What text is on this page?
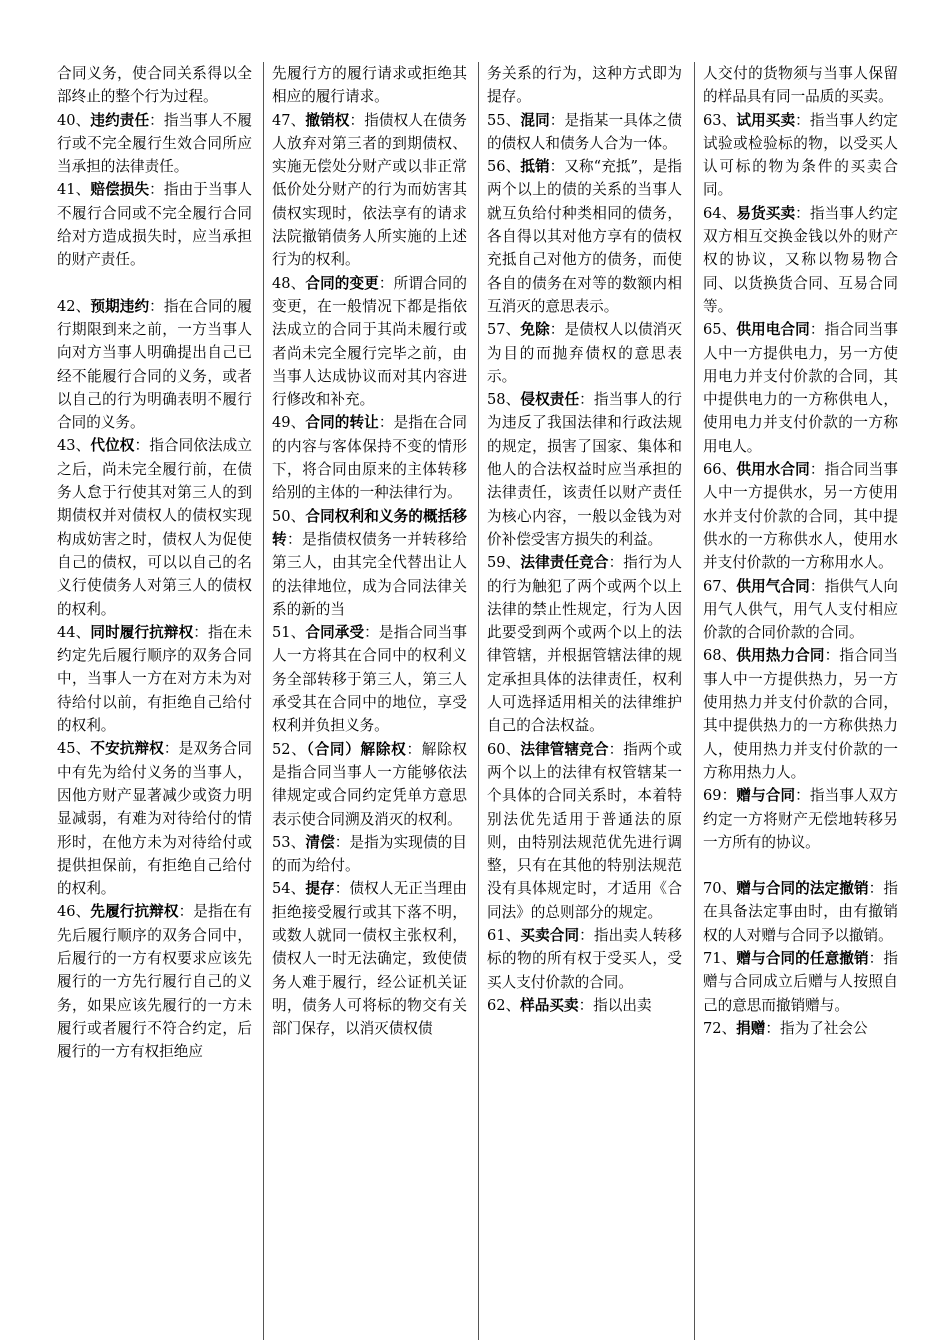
合同义务，使合同关系得以全部终止的整个行为过程。

40、违约责任：指当事人不履行或不完全履行生效合同所应当承担的法律责任。

41、赔偿损失：指由于当事人不履行合同或不完全履行合同给对方造成损失时，应当承担的财产责任。

42、预期违约：指在合同的履行期限到来之前，一方当事人向对方当事人明确提出自己已经不能履行合同的义务，或者以自己的行为明确表明不履行合同的义务。

43、代位权：指合同依法成立之后，尚未完全履行前，在债务人怠于行使其对第三人的到期债权并对债权人的债权实现构成妨害之时，债权人为促使自己的债权，可以以自己的名义行使债务人对第三人的债权的权利。

44、同时履行抗辩权：指在未约定先后履行顺序的双务合同中，当事人一方在对方未为对待给付以前，有拒绝自己给付的权利。

45、不安抗辩权：是双务合同中有先为给付义务的当事人，因他方财产显著减少或资力明显减弱，有难为对待给付的情形时，在他方未为对待给付或提供担保前，有拒绝自己给付的权利。

46、先履行抗辩权：是指在有先后履行顺序的双务合同中，后履行的一方有权要求应该先履行的一方先行履行自己的义务，如果应该先履行的一方未履行或者履行不符合约定，后履行的一方有权拒绝应

先履行方的履行请求或拒绝其相应的履行请求。

47、撤销权：指债权人在债务人放弃对第三者的到期债权、实施无偿处分财产或以非正常低价处分财产的行为而妨害其债权实现时，依法享有的请求法院撤销债务人所实施的上述行为的权利。

48、合同的变更：所谓合同的变更，在一般情况下都是指依法成立的合同于其尚未履行或者尚未完全履行完毕之前，由当事人达成协议而对其内容进行修改和补充。

49、合同的转让：是指在合同的内容与客体保持不变的情形下，将合同由原来的主体转移给别的主体的一种法律行为。

50、合同权利和义务的概括移转：是指债权债务一并转移给第三人，由其完全代替出让人的法律地位，成为合同法律关系的新的当

51、合同承受：是指合同当事人一方将其在合同中的权利义务全部转移于第三人，第三人承受其在合同中的地位，享受权利并负担义务。

52、（合同）解除权：解除权是指合同当事人一方能够依法律规定或合同约定凭单方意思表示使合同溯及消灭的权利。

53、清偿：是指为实现债的目的而为给付。

54、提存：债权人无正当理由拒绝接受履行或其下落不明，或数人就同一债权主张权利，债权人一时无法确定，致使债务人难于履行，经公证机关证明，债务人可将标的物交有关部门保存，以消灭债权债

务关系的行为，这种方式即为提存。

55、混同：是指某一具体之债的债权人和债务人合为一体。

56、抵销：又称“充抵”，是指两个以上的债的关系的当事人就互负给付种类相同的债务，各自得以其对他方享有的债权充抵自己对他方的债务，而使各自的债务在对等的数额内相互消灭的意思表示。

57、免除：是债权人以债消灭为目的而抛弃债权的意思表示。

58、侵权责任：指当事人的行为违反了我国法律和行政法规的规定，损害了国家、集体和他人的合法权益时应当承担的法律责任，该责任以财产责任为核心内容，一般以金钱为对价补偿受害方损失的利益。

59、法律责任竞合：指行为人的行为触犯了两个或两个以上法律的禁止性规定，行为人因此要受到两个或两个以上的法律管辖，并根据管辖法律的规定承担具体的法律责任，权利人可选择适用相关的法律维护自己的合法权益。

60、法律管辖竞合：指两个或两个以上的法律有权管辖某一个具体的合同关系时，本着特别法优先适用于普通法的原则，由特别法规范优先进行调整，只有在其他的特别法规范没有具体规定时，才适用《合同法》的总则部分的规定。

61、买卖合同：指出卖人转移标的物的所有权于受买人，受买人支付价款的合同。

62、样品买卖：指以出卖

人交付的货物须与当事人保留的样品具有同一品质的买卖。

63、试用买卖：指当事人约定试验或检验标的物，以受买人认可标的物为条件的买卖合同。

64、易货买卖：指当事人约定双方相互交换金钱以外的财产权的协议，又称以物易物合同、以货换货合同、互易合同等。

65、供用电合同：指合同当事人中一方提供电力，另一方使用电力并支付价款的合同，其中提供电力的一方称供电人，使用电力并支付价款的一方称用电人。

66、供用水合同：指合同当事人中一方提供水，另一方使用水并支付价款的合同，其中提供水的一方称供水人，使用水并支付价款的一方称用水人。

67、供用气合同：指供气人向用气人供气，用气人支付相应价款的合同价款的合同。

68、供用热力合同：指合同当事人中一方提供热力，另一方使用热力并支付价款的合同，其中提供热力的一方称供热力人，使用热力并支付价款的一方称用热力人。

69：赠与合同：指当事人双方约定一方将财产无偿地转移另一方所有的协议。

70、赠与合同的法定撤销：指在具备法定事由时，由有撤销权的人对赠与合同予以撤销。

71、赠与合同的任意撤销：指赠与合同成立后赠与人按照自己的意思而撤销赠与。

72、捐赠：指为了社会公
